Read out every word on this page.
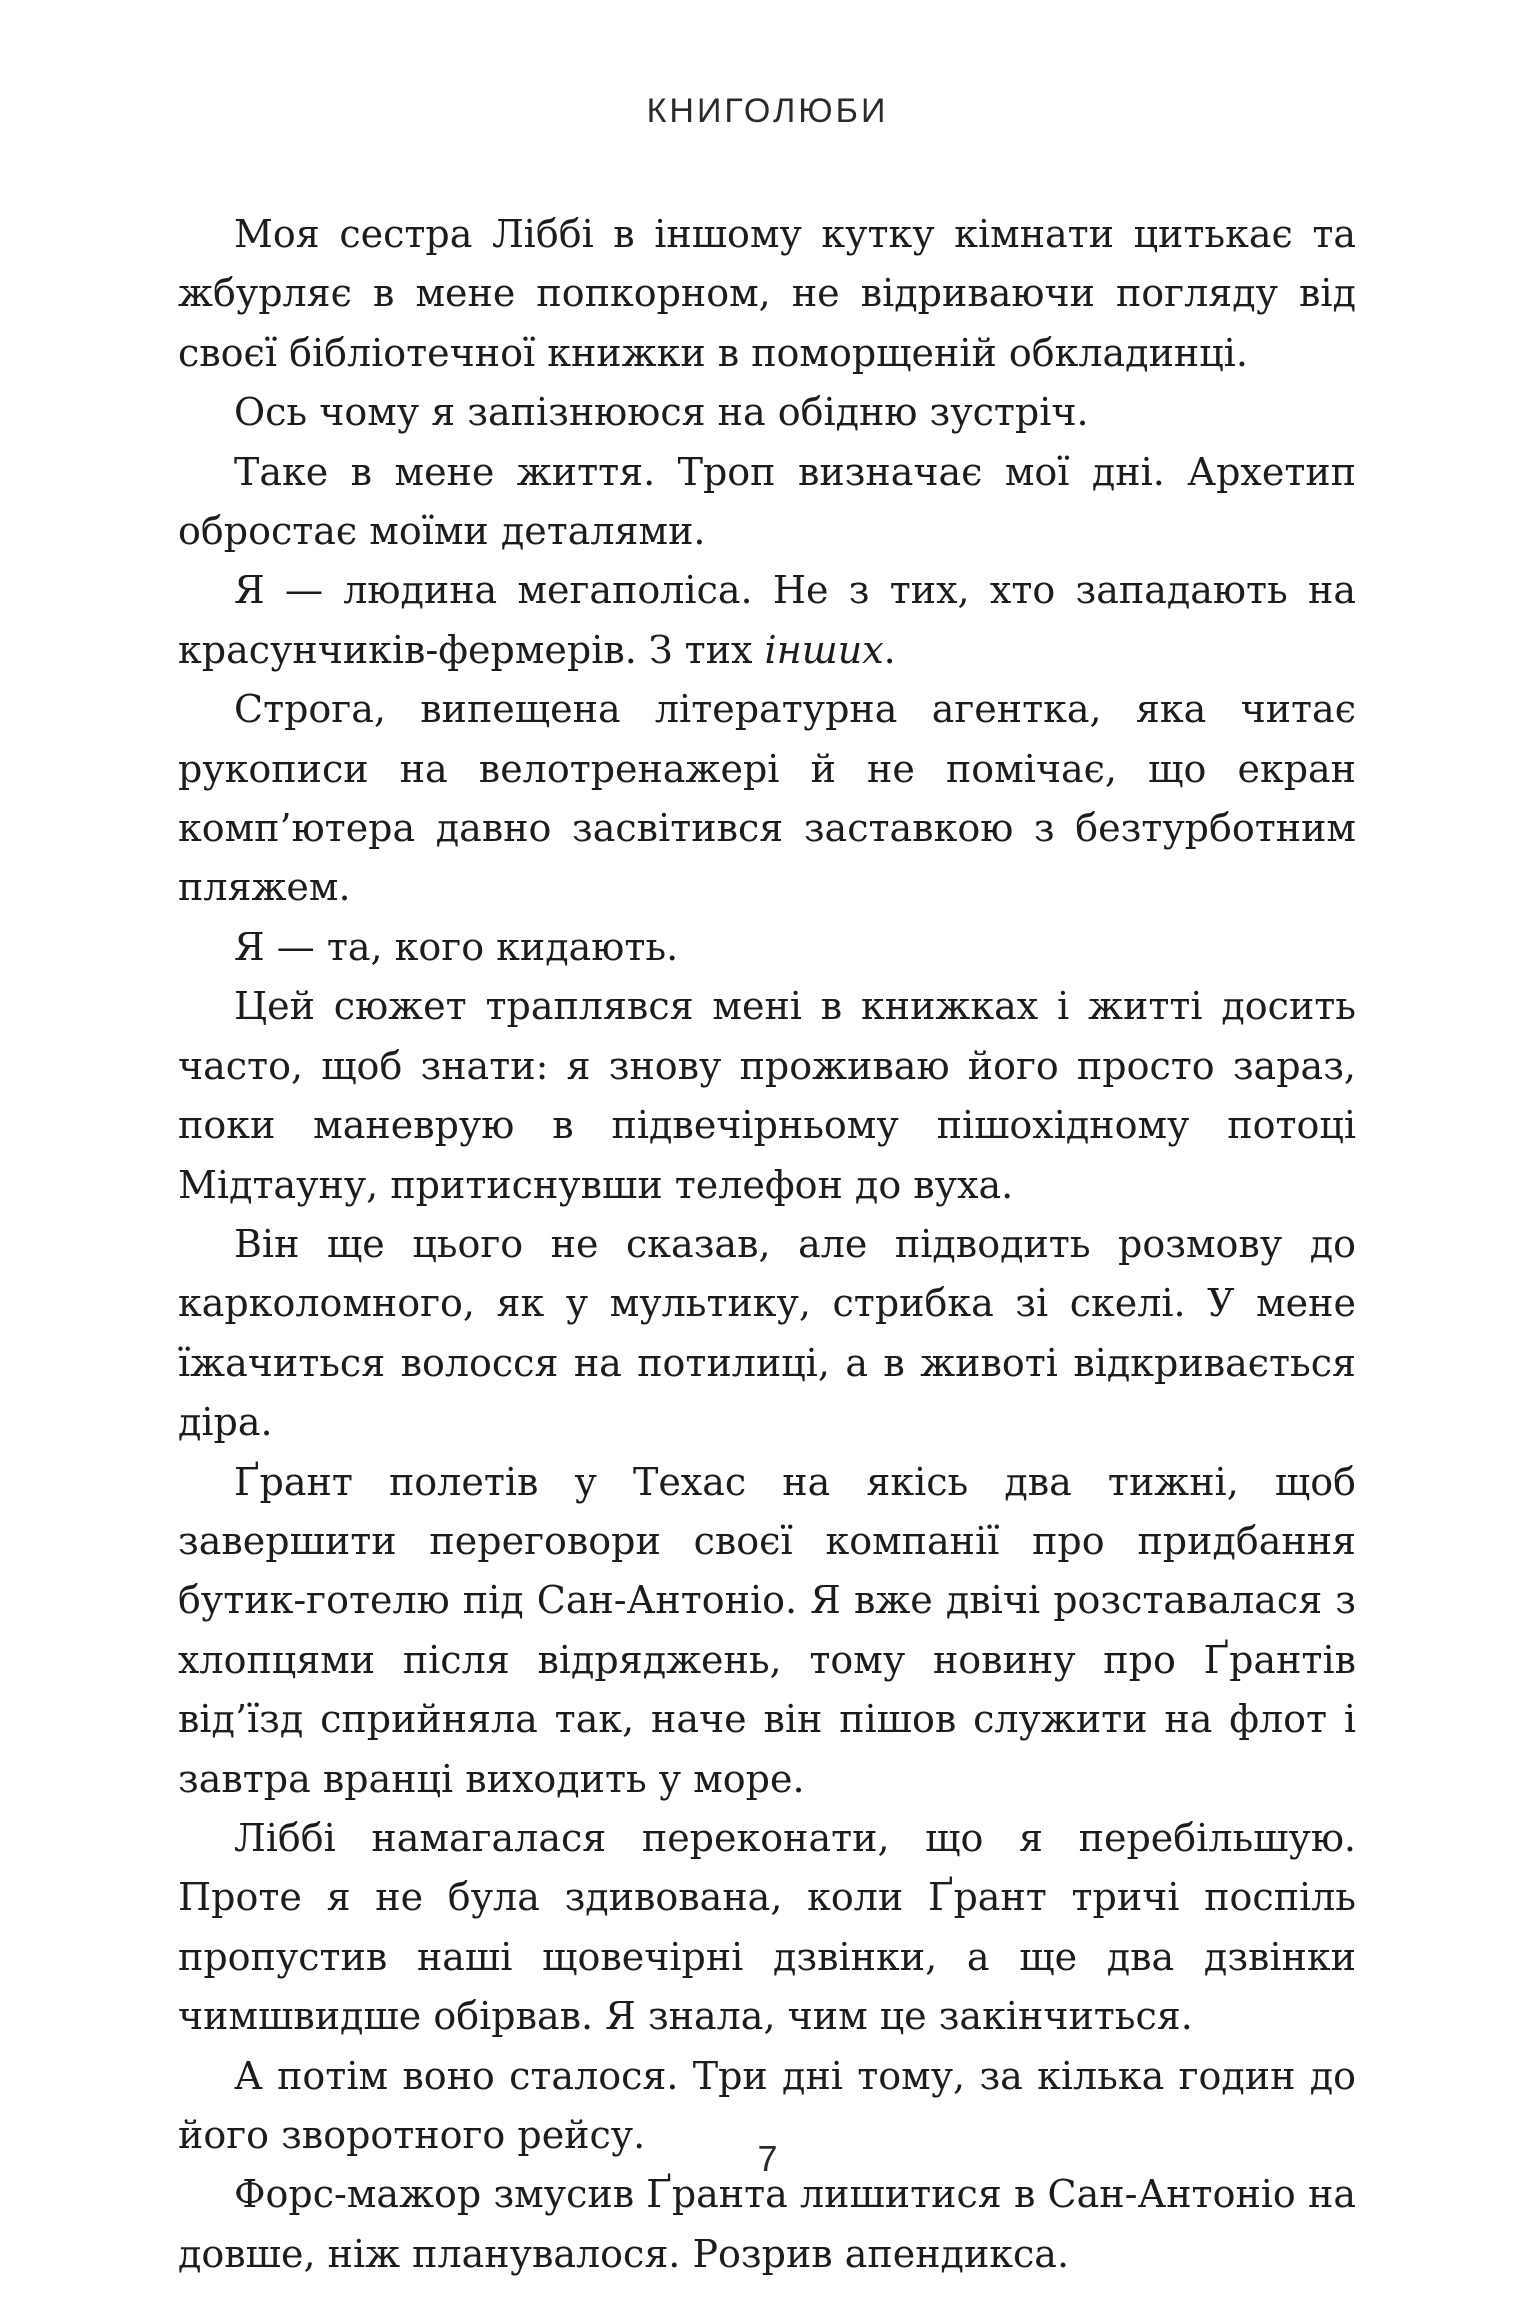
КНИГОЛЮБИ

Моя сестра Ліббі в іншому кутку кімнати цитькає та жбурляє в мене попкорном, не відриваючи погляду від своєї бібліотечної книжки в поморщеній обкладинці.

Ось чому я запізнююся на обідню зустріч.

Таке в мене життя. Троп визначає мої дні. Архетип обростає моїми деталями.

Я — людина мегаполіса. Не з тих, хто западають на красунчиків-фермерів. З тих інших.

Строга, випещена літературна агентка, яка читає рукописи на велотренажері й не помічає, що екран комп’ютера давно засвітився заставкою з безтурботним пляжем.

Я — та, кого кидають.

Цей сюжет траплявся мені в книжках і житті досить часто, щоб знати: я знову проживаю його просто зараз, поки маневрую в підвечірньому пішохідному потоці Мідтауну, притиснувши телефон до вуха.

Він ще цього не сказав, але підводить розмову до карколомного, як у мультику, стрибка зі скелі. У мене їжачиться волосся на потилиці, а в животі відкривається діра.

Ґрант полетів у Техас на якісь два тижні, щоб завершити переговори своєї компанії про придбання бутик-готелю під Сан-Антоніо. Я вже двічі розставалася з хлопцями після відряджень, тому новину про Ґрантів від’їзд сприйняла так, наче він пішов служити на флот і завтра вранці виходить у море.

Ліббі намагалася переконати, що я перебільшую. Проте я не була здивована, коли Ґрант тричі поспіль пропустив наші щовечірні дзвінки, а ще два дзвінки чимшвидше обірвав. Я знала, чим це закінчиться.

А потім воно сталося. Три дні тому, за кілька годин до його зворотного рейсу.

Форс-мажор змусив Ґранта лишитися в Сан-Антоніо на довше, ніж планувалося. Розрив апендикса.

7
